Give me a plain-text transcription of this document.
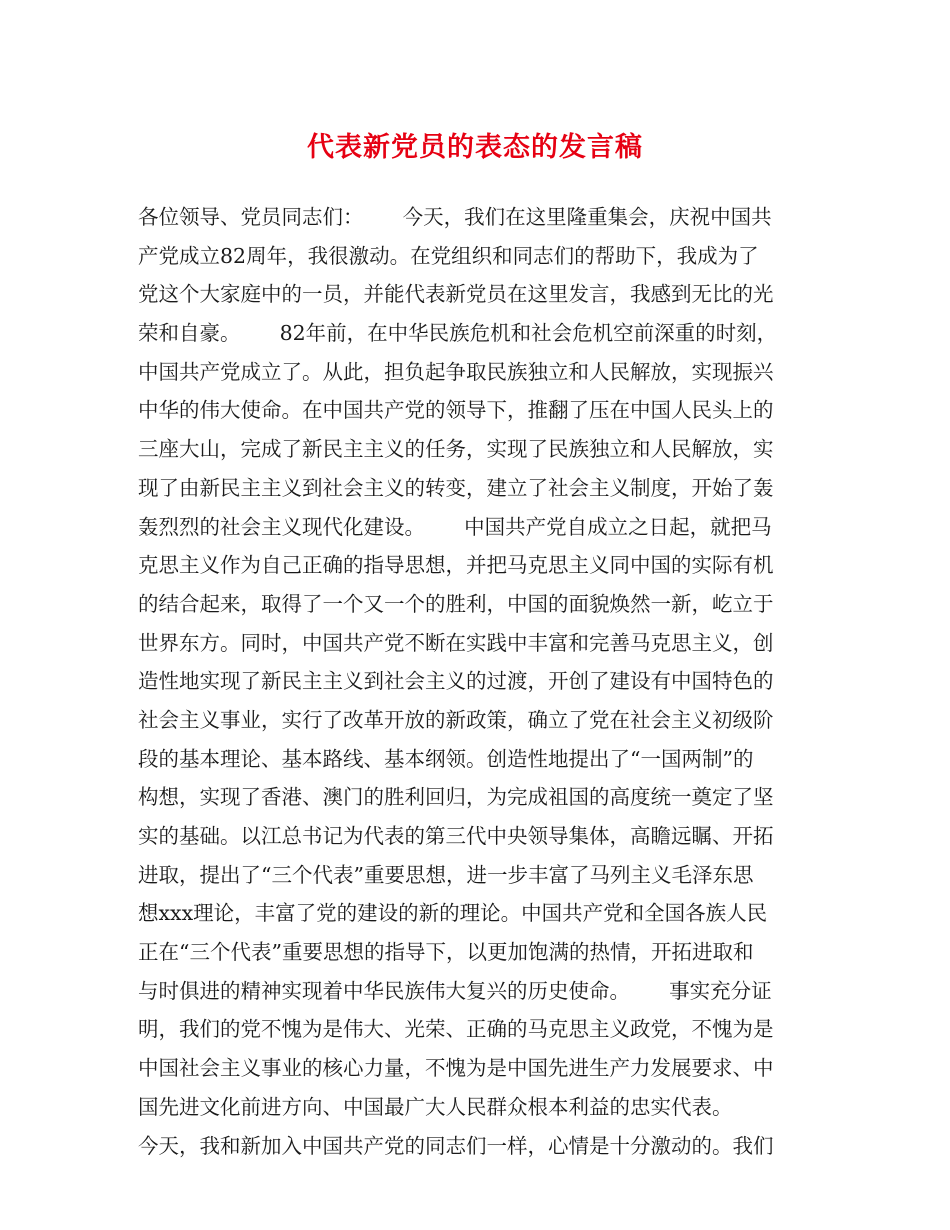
代表新党员的表态的发言稿
各位领导、党员同志们：      今天，我们在这里隆重集会，庆祝中国共
产党成立82周年，我很激动。在党组织和同志们的帮助下，我成为了
党这个大家庭中的一员，并能代表新党员在这里发言，我感到无比的光
荣和自豪。      82年前，在中华民族危机和社会危机空前深重的时刻，
中国共产党成立了。从此，担负起争取民族独立和人民解放，实现振兴
中华的伟大使命。在中国共产党的领导下，推翻了压在中国人民头上的
三座大山，完成了新民主主义的任务，实现了民族独立和人民解放，实
现了由新民主主义到社会主义的转变，建立了社会主义制度，开始了轰
轰烈烈的社会主义现代化建设。      中国共产党自成立之日起，就把马
克思主义作为自己正确的指导思想，并把马克思主义同中国的实际有机
的结合起来，取得了一个又一个的胜利，中国的面貌焕然一新，屹立于
世界东方。同时，中国共产党不断在实践中丰富和完善马克思主义，创
造性地实现了新民主主义到社会主义的过渡，开创了建设有中国特色的
社会主义事业，实行了改革开放的新政策，确立了党在社会主义初级阶
段的基本理论、基本路线、基本纲领。创造性地提出了“一国两制”的
构想，实现了香港、澳门的胜利回归，为完成祖国的高度统一奠定了坚
实的基础。以江总书记为代表的第三代中央领导集体，高瞻远瞩、开拓
进取，提出了“三个代表”重要思想，进一步丰富了马列主义毛泽东思
想xxx理论，丰富了党的建设的新的理论。中国共产党和全国各族人民
正在“三个代表”重要思想的指导下，以更加饱满的热情，开拓进取和
与时俱进的精神实现着中华民族伟大复兴的历史使命。      事实充分证
明，我们的党不愧为是伟大、光荣、正确的马克思主义政党，不愧为是
中国社会主义事业的核心力量，不愧为是中国先进生产力发展要求、中
国先进文化前进方向、中国最广大人民群众根本利益的忠实代表。
今天，我和新加入中国共产党的同志们一样，心情是十分激动的。我们
